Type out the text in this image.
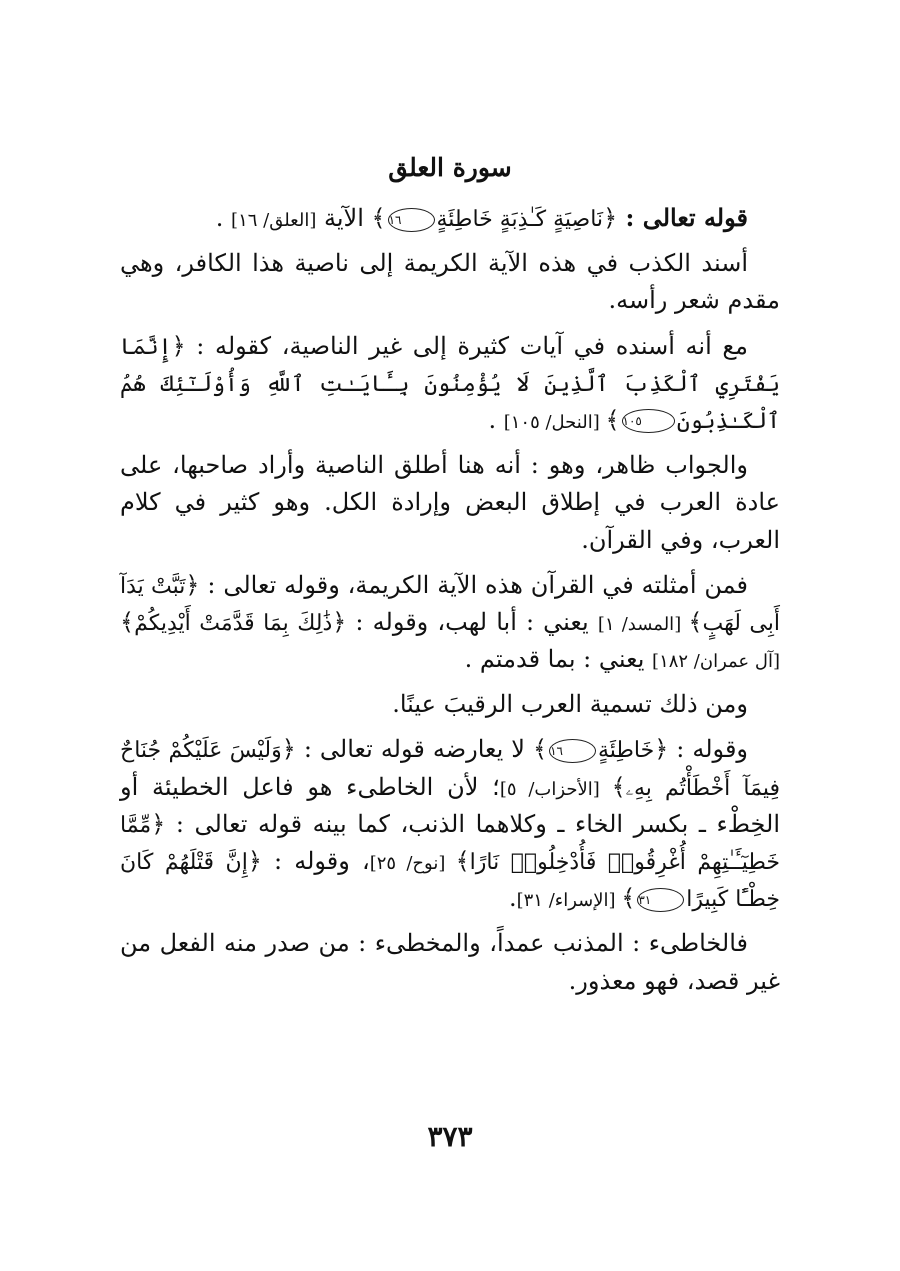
سورة العلق

قوله تعالى : ﴿نَاصِيَةٍ كَـٰذِبَةٍ خَاطِئَةٍ١٦﴾ الآية [العلق/ ١٦] .

أسند الكذب في هذه الآية الكريمة إلى ناصية هذا الكافر، وهي مقدم شعر رأسه.

مع أنه أسنده في آيات كثيرة إلى غير الناصية، كقوله : ﴿إِنَّمَا يَفْتَرِي ٱلْكَذِبَ ٱلَّذِينَ لَا يُؤْمِنُونَ بِـَٔايَـٰتِ ٱللَّهِ وَأُوْلَـٰٓئِكَ هُمُ ٱلْكَـٰذِبُونَ١٠٥﴾ [النحل/ ١٠٥] .

والجواب ظاهر، وهو : أنه هنا أطلق الناصية وأراد صاحبها، على عادة العرب في إطلاق البعض وإرادة الكل. وهو كثير في كلام العرب، وفي القرآن.

فمن أمثلته في القرآن هذه الآية الكريمة، وقوله تعالى : ﴿تَبَّتْ يَدَآ أَبِى لَهَبٍ﴾ [المسد/ ١] يعني : أبا لهب، وقوله : ﴿ذَٰلِكَ بِمَا قَدَّمَتْ أَيْدِيكُمْ﴾ [آل عمران/ ١٨٢] يعني : بما قدمتم .

ومن ذلك تسمية العرب الرقيبَ عينًا.

وقوله : ﴿خَاطِئَةٍ١٦﴾ لا يعارضه قوله تعالى : ﴿وَلَيْسَ عَلَيْكُمْ جُنَاحٌ فِيمَآ أَخْطَأْتُم بِهِۦ﴾ [الأحزاب/ ٥]؛ لأن الخاطىء هو فاعل الخطيئة أو الخِطْء ـ بكسر الخاء ـ وكلاهما الذنب، كما بينه قوله تعالى : ﴿مِّمَّا خَطِيٓـَٔـٰتِهِمْ أُغْرِقُوا۟ فَأُدْخِلُوا۟ نَارًا﴾ [نوح/ ٢٥]، وقوله : ﴿إِنَّ قَتْلَهُمْ كَانَ خِطْـًٔا كَبِيرًا٣١﴾ [الإسراء/ ٣١].

فالخاطىء : المذنب عمداً، والمخطىء : من صدر منه الفعل من غير قصد، فهو معذور.

٣٧٣
